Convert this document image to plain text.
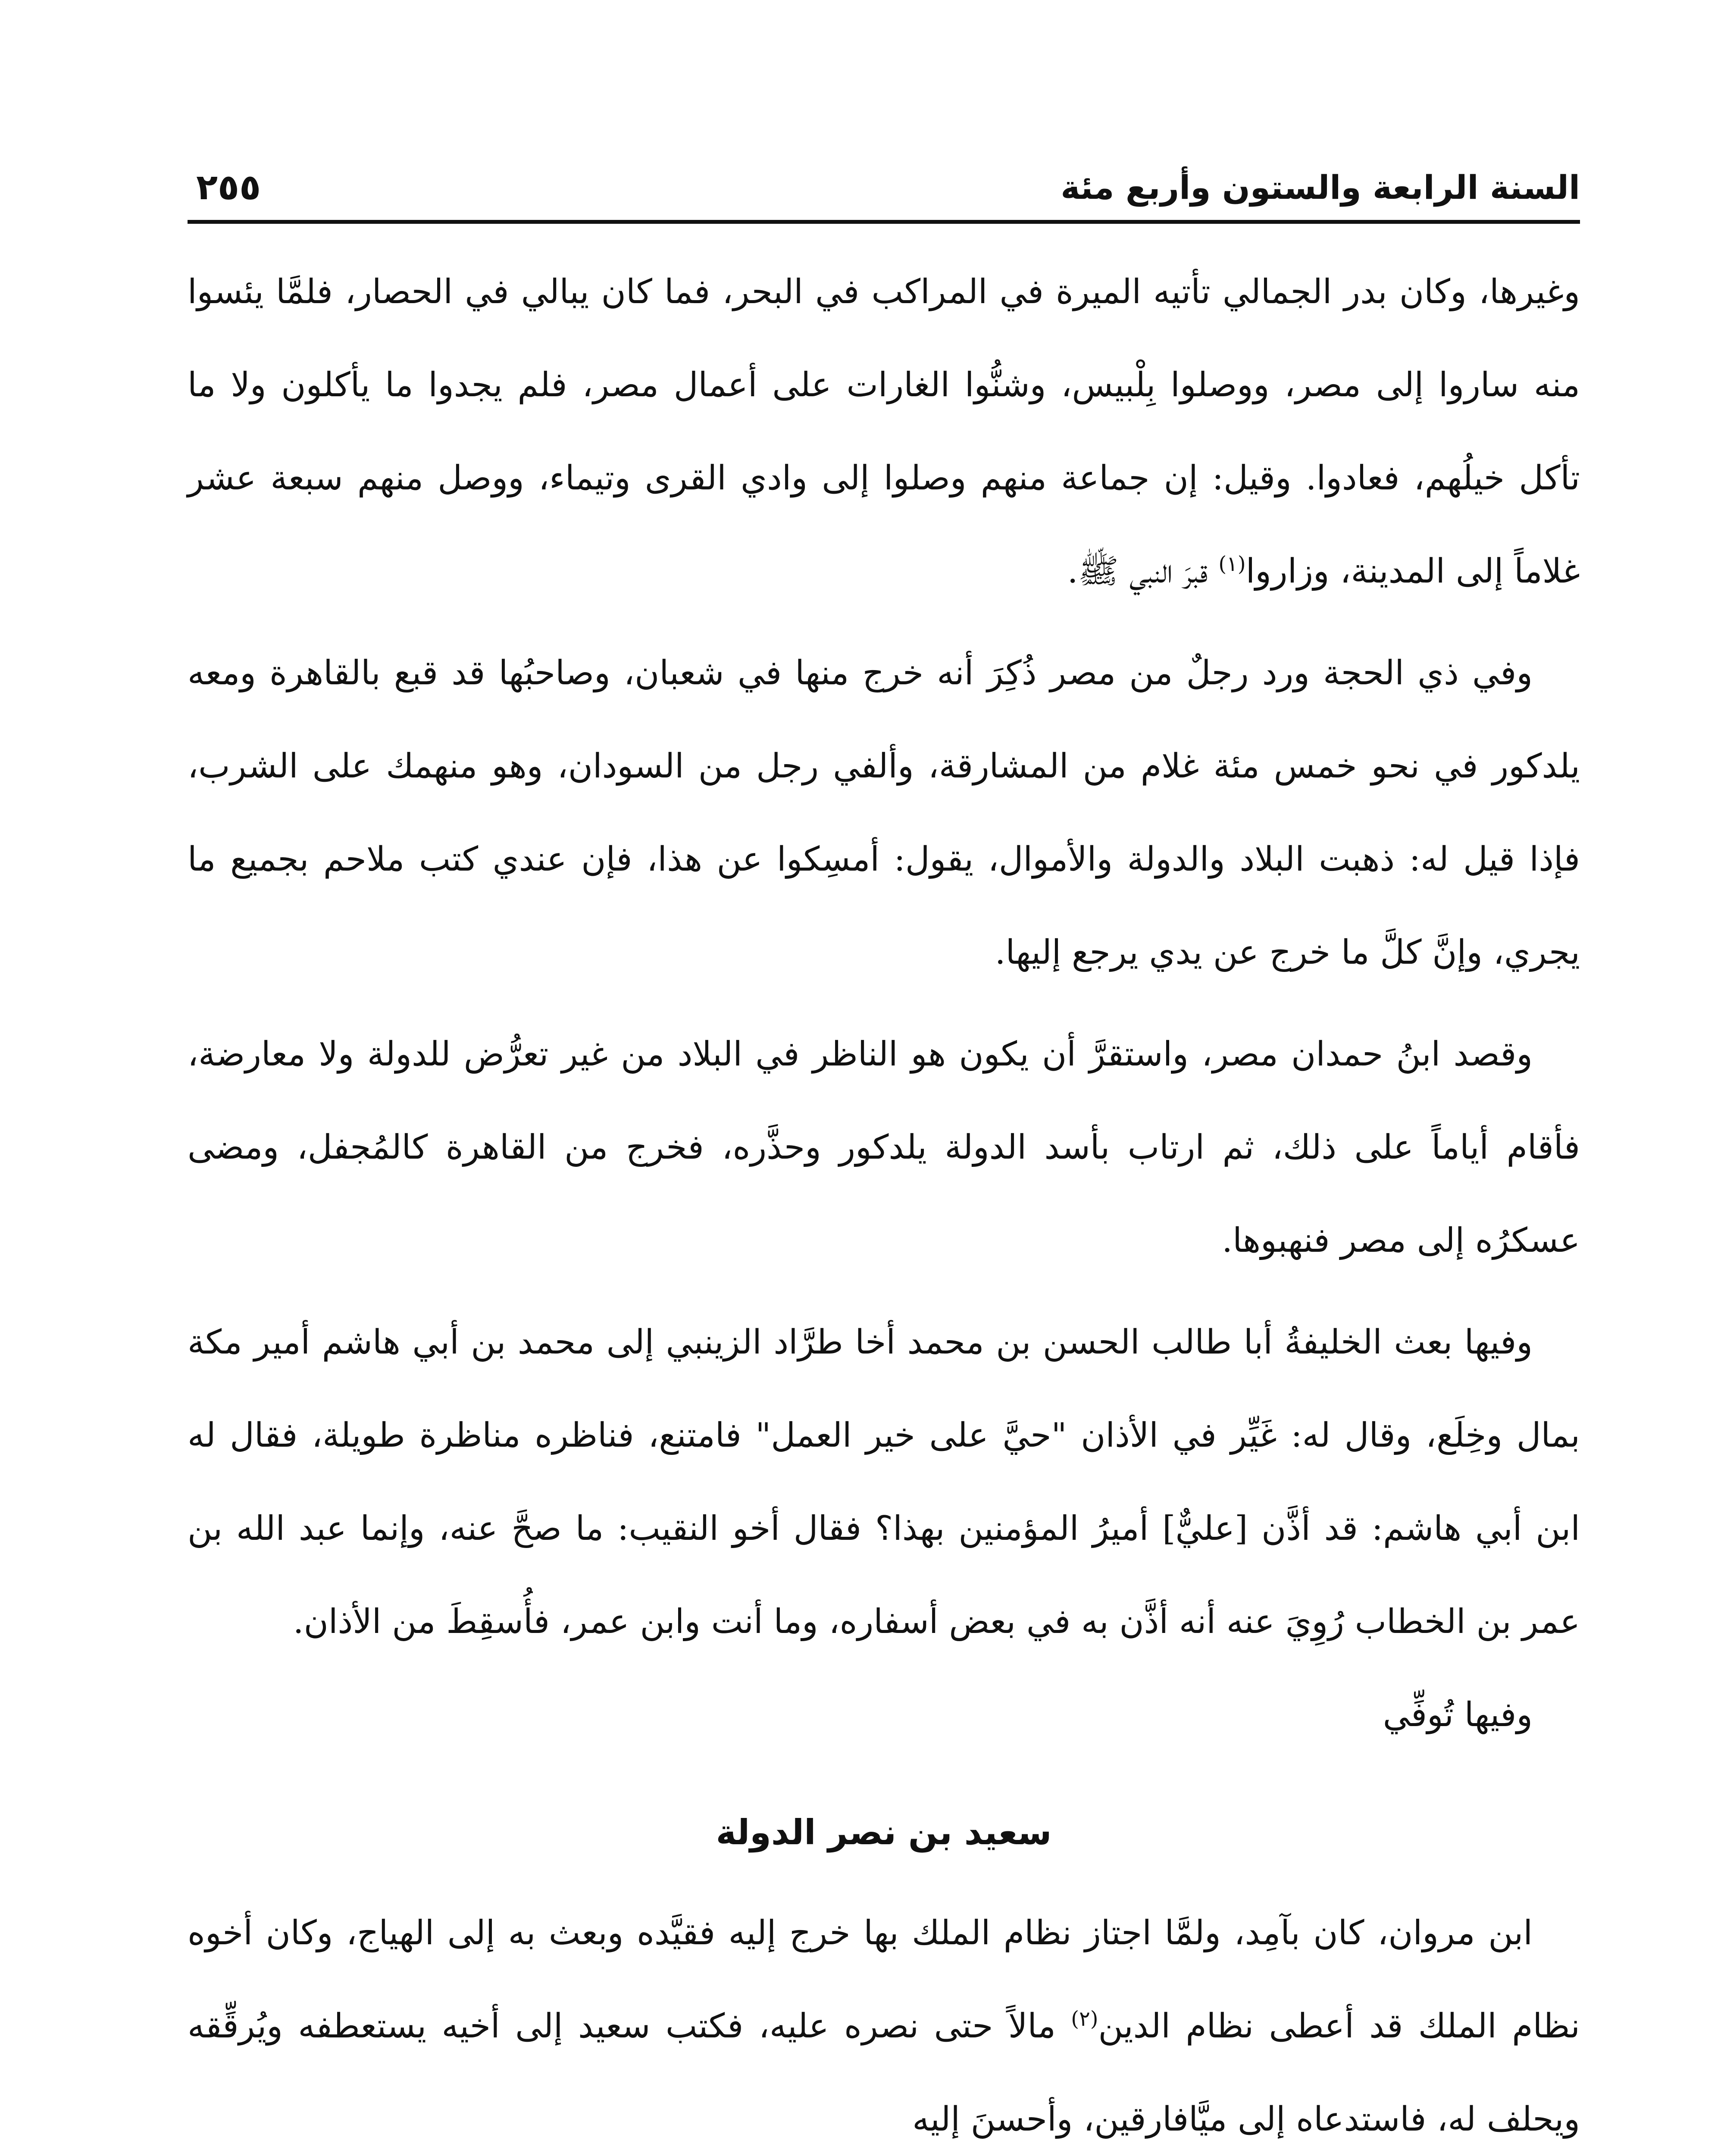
السنة الرابعة والستون وأربع مئة
٢٥٥

وغيرها، وكان بدر الجمالي تأتيه الميرة في المراكب في البحر، فما كان يبالي في الحصار، فلمَّا يئسوا منه ساروا إلى مصر، ووصلوا بِلْبيس، وشنُّوا الغارات على أعمال مصر، فلم يجدوا ما يأكلون ولا ما تأكل خيلُهم، فعادوا. وقيل: إن جماعة منهم وصلوا إلى وادي القرى وتيماء، ووصل منهم سبعة عشر غلاماً إلى المدينة، وزاروا$^{(١)}$ قبرَ النبي ﷺ.

وفي ذي الحجة ورد رجلٌ من مصر ذُكِرَ أنه خرج منها في شعبان، وصاحبُها قد قبع بالقاهرة ومعه يلدكور في نحو خمس مئة غلام من المشارقة، وألفي رجل من السودان، وهو منهمك على الشرب، فإذا قيل له: ذهبت البلاد والدولة والأموال، يقول: أمسِكوا عن هذا، فإن عندي كتب ملاحم بجميع ما يجري، وإنَّ كلَّ ما خرج عن يدي يرجع إليها.

وقصد ابنُ حمدان مصر، واستقرَّ أن يكون هو الناظر في البلاد من غير تعرُّض للدولة ولا معارضة، فأقام أياماً على ذلك، ثم ارتاب بأسد الدولة يلدكور وحذَّره، فخرج من القاهرة كالمُجفل، ومضى عسكرُه إلى مصر فنهبوها.

وفيها بعث الخليفةُ أبا طالب الحسن بن محمد أخا طرَّاد الزينبي إلى محمد بن أبي هاشم أمير مكة بمال وخِلَع، وقال له: غَيِّر في الأذان "حيَّ على خير العمل" فامتنع، فناظره مناظرة طويلة، فقال له ابن أبي هاشم: قد أذَّن [عليٌّ] أميرُ المؤمنين بهذا؟ فقال أخو النقيب: ما صحَّ عنه، وإنما عبد الله بن عمر بن الخطاب رُوِيَ عنه أنه أذَّن به في بعض أسفاره، وما أنت وابن عمر، فأُسقِطَ من الأذان.

وفيها تُوفِّي

سعيد بن نصر الدولة

ابن مروان، كان بآمِد، ولمَّا اجتاز نظام الملك بها خرج إليه فقيَّده وبعث به إلى الهياج، وكان أخوه نظام الملك قد أعطى نظام الدين$^{(٢)}$ مالاً حتى نصره عليه، فكتب سعيد إلى أخيه يستعطفه ويُرقِّقه ويحلف له، فاستدعاه إلى ميَّافارقين، وأحسنَ إليه
